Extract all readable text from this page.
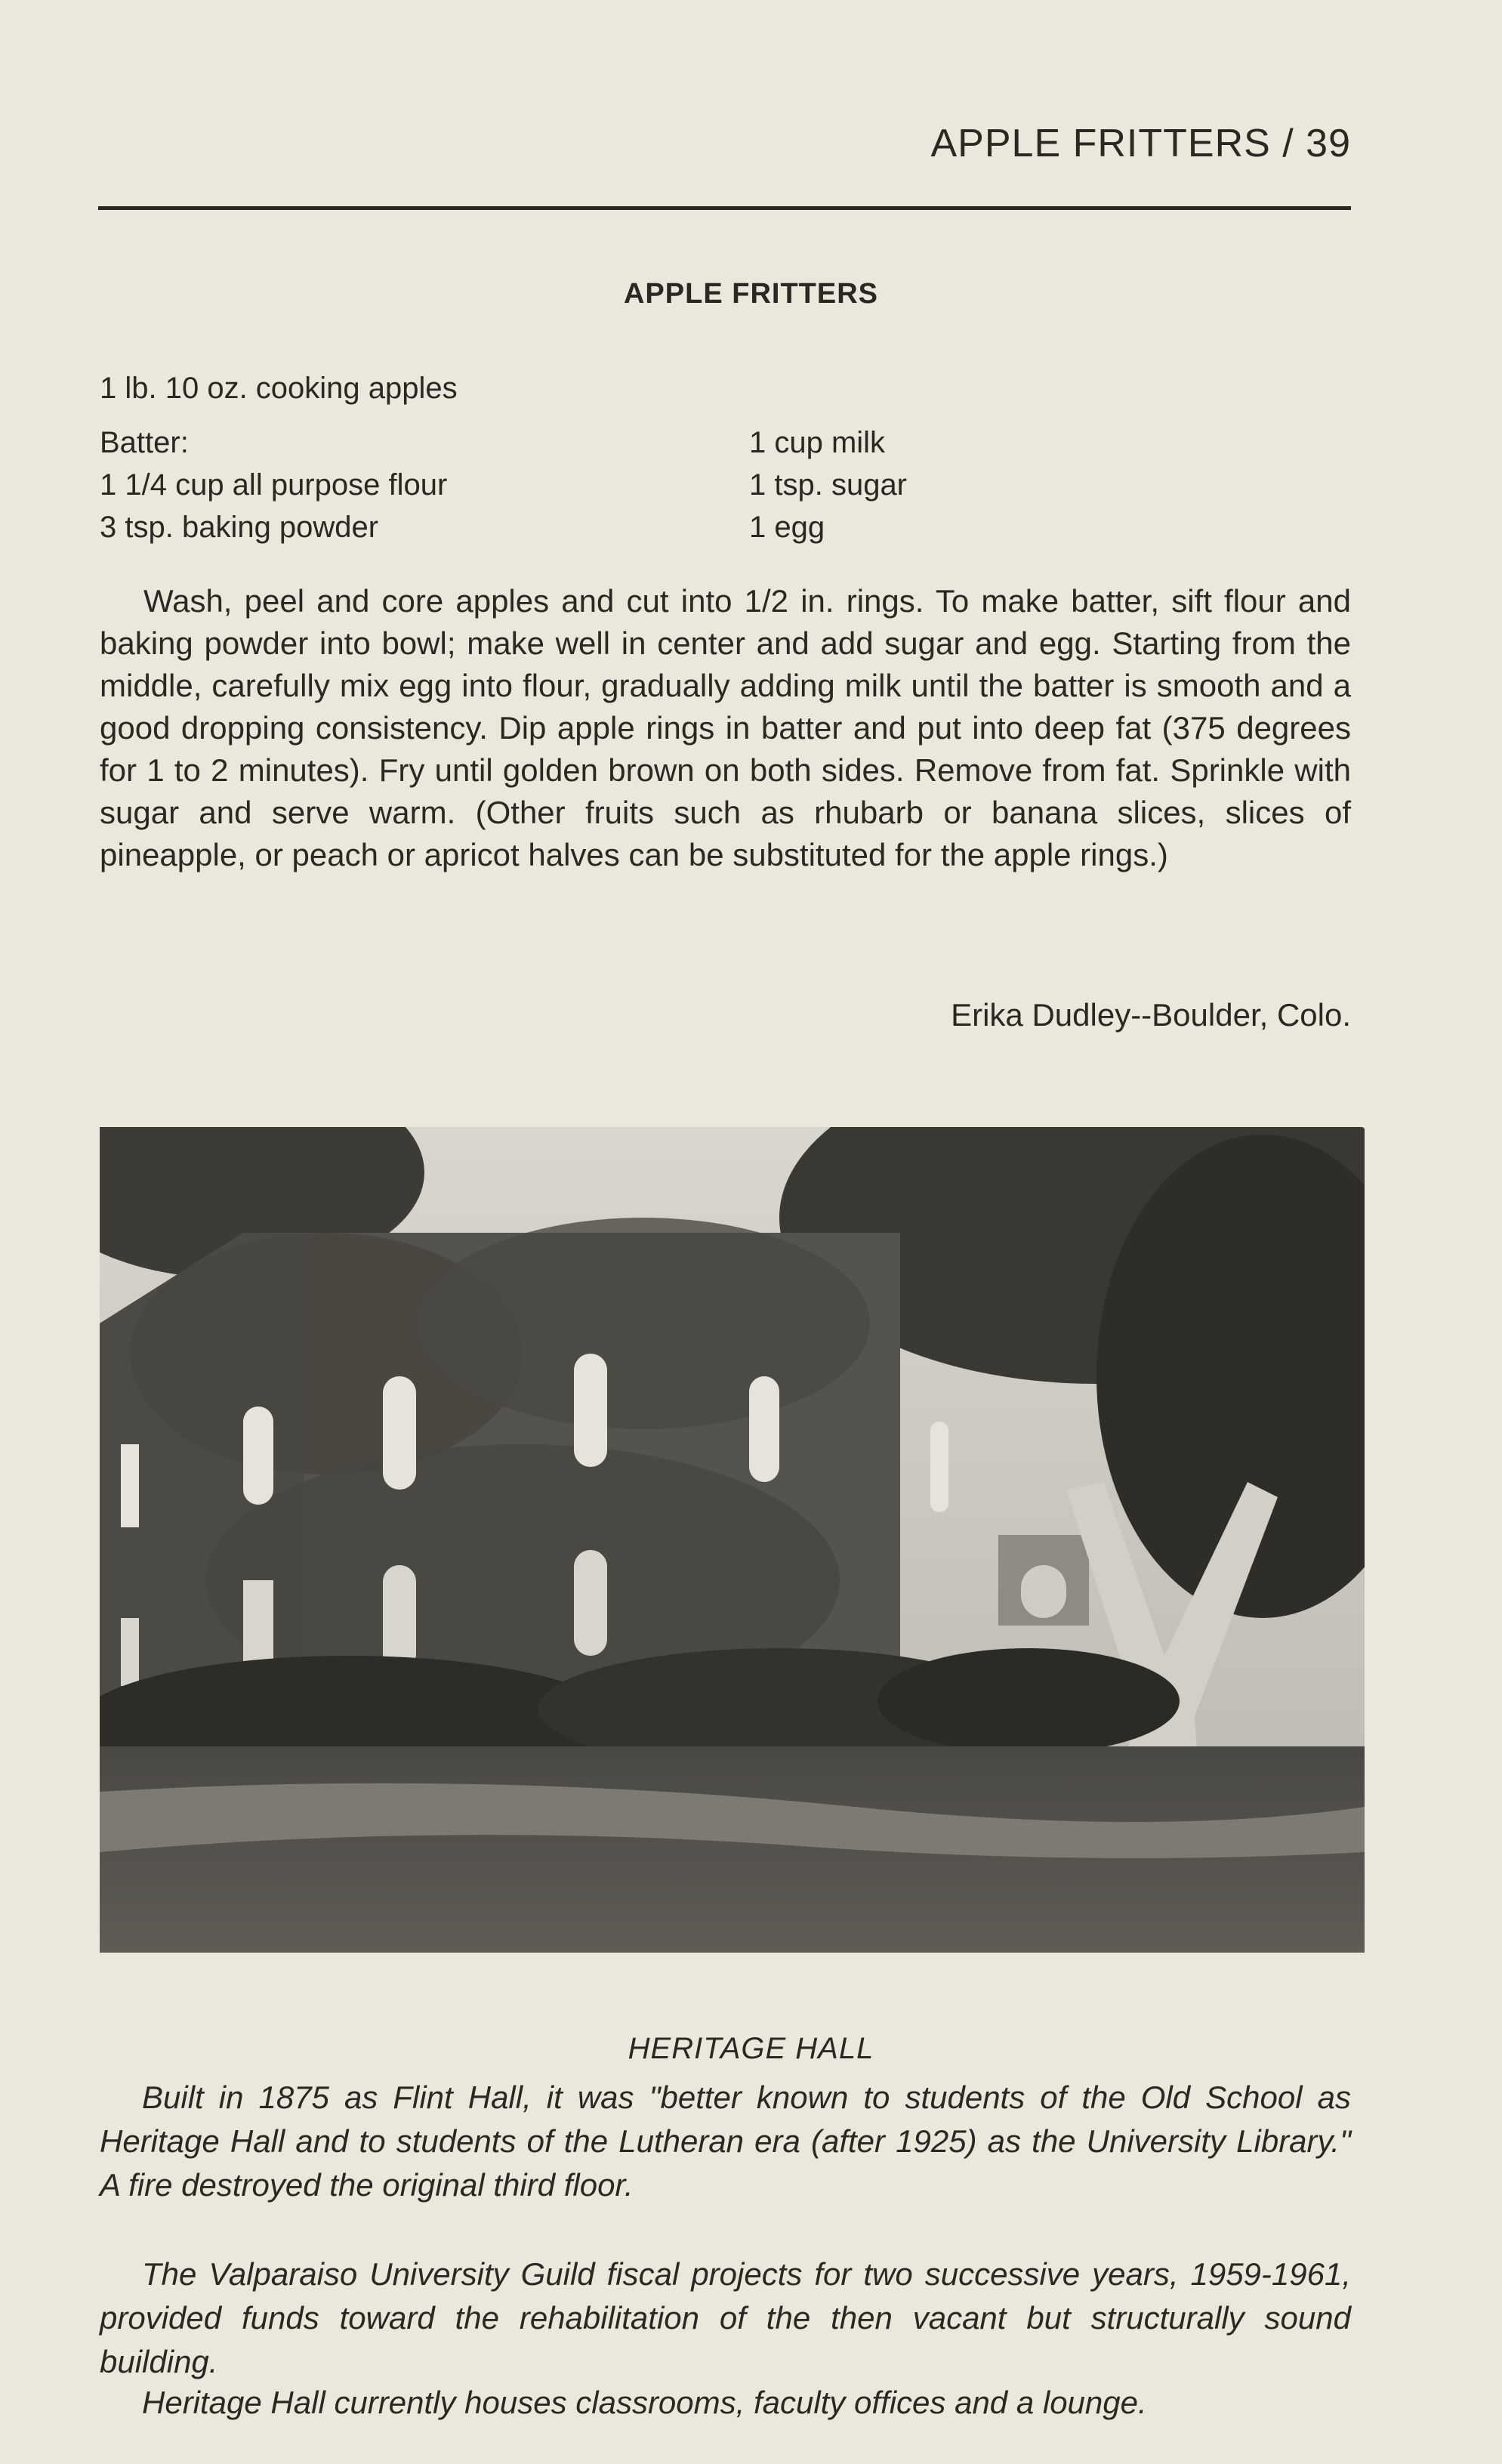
APPLE FRITTERS / 39
APPLE FRITTERS
1 lb. 10 oz. cooking apples
Batter:	1 cup milk
1 1/4 cup all purpose flour	1 tsp. sugar
3 tsp. baking powder	1 egg

Wash, peel and core apples and cut into 1/2 in. rings. To make batter, sift flour and baking powder into bowl; make well in center and add sugar and egg. Starting from the middle, carefully mix egg into flour, gradually adding milk until the batter is smooth and a good dropping consistency. Dip apple rings in batter and put into deep fat (375 degrees for 1 to 2 minutes). Fry until golden brown on both sides. Remove from fat. Sprinkle with sugar and serve warm. (Other fruits such as rhubarb or banana slices, slices of pineapple, or peach or apricot halves can be substituted for the apple rings.)

Erika Dudley--Boulder, Colo.
HERITAGE HALL

Built in 1875 as Flint Hall, it was "better known to students of the Old School as Heritage Hall and to students of the Lutheran era (after 1925) as the University Library." A fire destroyed the original third floor.

The Valparaiso University Guild fiscal projects for two successive years, 1959-1961, provided funds toward the rehabilitation of the then vacant but structurally sound building.

Heritage Hall currently houses classrooms, faculty offices and a lounge.
